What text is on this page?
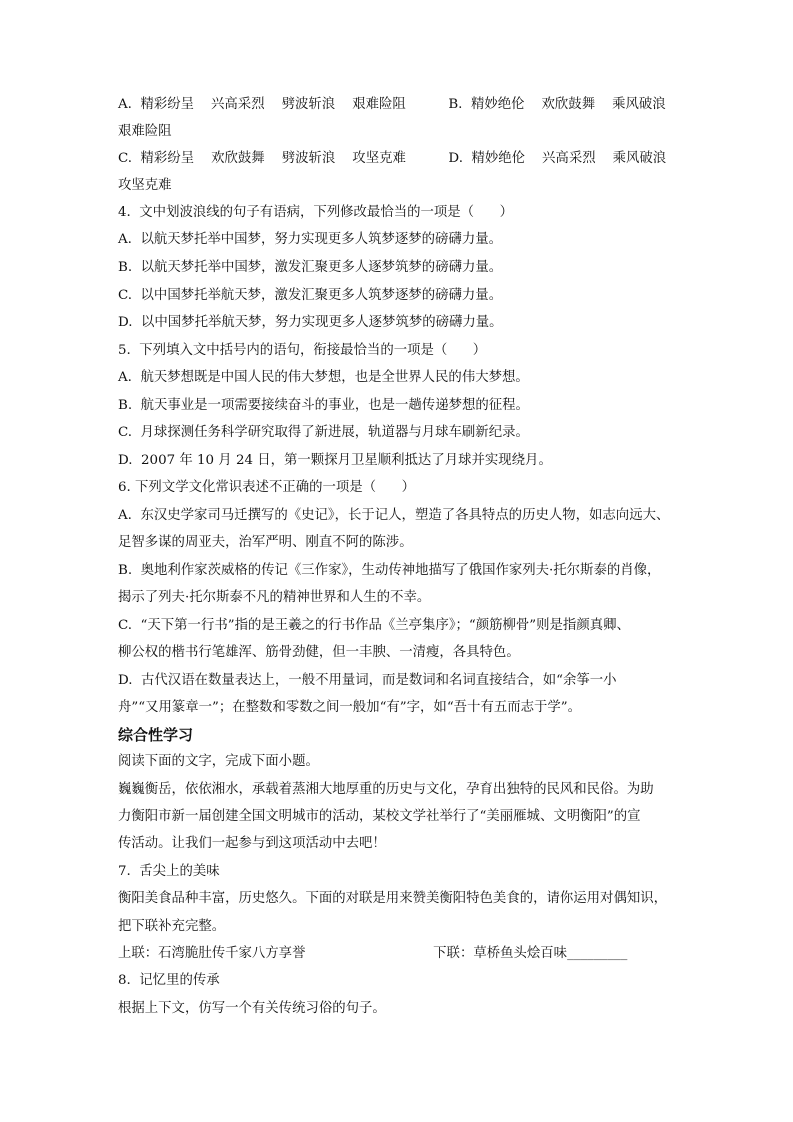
A.  精彩纷呈    兴高采烈    劈波斩浪    艰难险阻          B.  精妙绝伦    欢欣鼓舞    乘风破浪
艰难险阻
C.  精彩纷呈    欢欣鼓舞    劈波斩浪    攻坚克难          D.  精妙绝伦    兴高采烈    乘风破浪
攻坚克难
4.  文中划波浪线的句子有语病，下列修改最恰当的一项是（      ）
A.  以航天梦托举中国梦，努力实现更多人筑梦逐梦的磅礴力量。
B.  以航天梦托举中国梦，激发汇聚更多人逐梦筑梦的磅礴力量。
C.  以中国梦托举航天梦，激发汇聚更多人筑梦逐梦的磅礴力量。
D.  以中国梦托举航天梦，努力实现更多人逐梦筑梦的磅礴力量。
5.  下列填入文中括号内的语句，衔接最恰当的一项是（      ）
A.  航天梦想既是中国人民的伟大梦想，也是全世界人民的伟大梦想。
B.  航天事业是一项需要接续奋斗的事业，也是一趟传递梦想的征程。
C.  月球探测任务科学研究取得了新进展，轨道器与月球车刷新纪录。
D.  2007 年 10 月 24 日，第一颗探月卫星顺利抵达了月球并实现绕月。
6. 下列文学文化常识表述不正确的一项是（      ）
A.  东汉史学家司马迁撰写的《史记》，长于记人，塑造了各具特点的历史人物，如志向远大、
足智多谋的周亚夫，治军严明、刚直不阿的陈涉。
B.  奥地利作家茨威格的传记《三作家》，生动传神地描写了俄国作家列夫·托尔斯泰的肖像，
揭示了列夫·托尔斯泰不凡的精神世界和人生的不幸。
C.  “天下第一行书”指的是王羲之的行书作品《兰亭集序》；“颜筋柳骨”则是指颜真卿、
柳公权的楷书行笔雄浑、筋骨劲健，但一丰腴、一清瘦，各具特色。
D.  古代汉语在数量表达上，一般不用量词，而是数词和名词直接结合，如“余筝一小
舟”“又用篆章一”；在整数和零数之间一般加“有”字，如“吾十有五而志于学”。
综合性学习
阅读下面的文字，完成下面小题。
巍巍衡岳，依依湘水，承载着蒸湘大地厚重的历史与文化，孕育出独特的民风和民俗。为助
力衡阳市新一届创建全国文明城市的活动，某校文学社举行了“美丽雁城、文明衡阳”的宣
传活动。让我们一起参与到这项活动中去吧！
7.  舌尖上的美味
衡阳美食品种丰富，历史悠久。下面的对联是用来赞美衡阳特色美食的，请你运用对偶知识，
把下联补充完整。
上联：石湾脆肚传千家八方享誉                              下联：草桥鱼头烩百味_________
8.  记忆里的传承
根据上下文，仿写一个有关传统习俗的句子。
